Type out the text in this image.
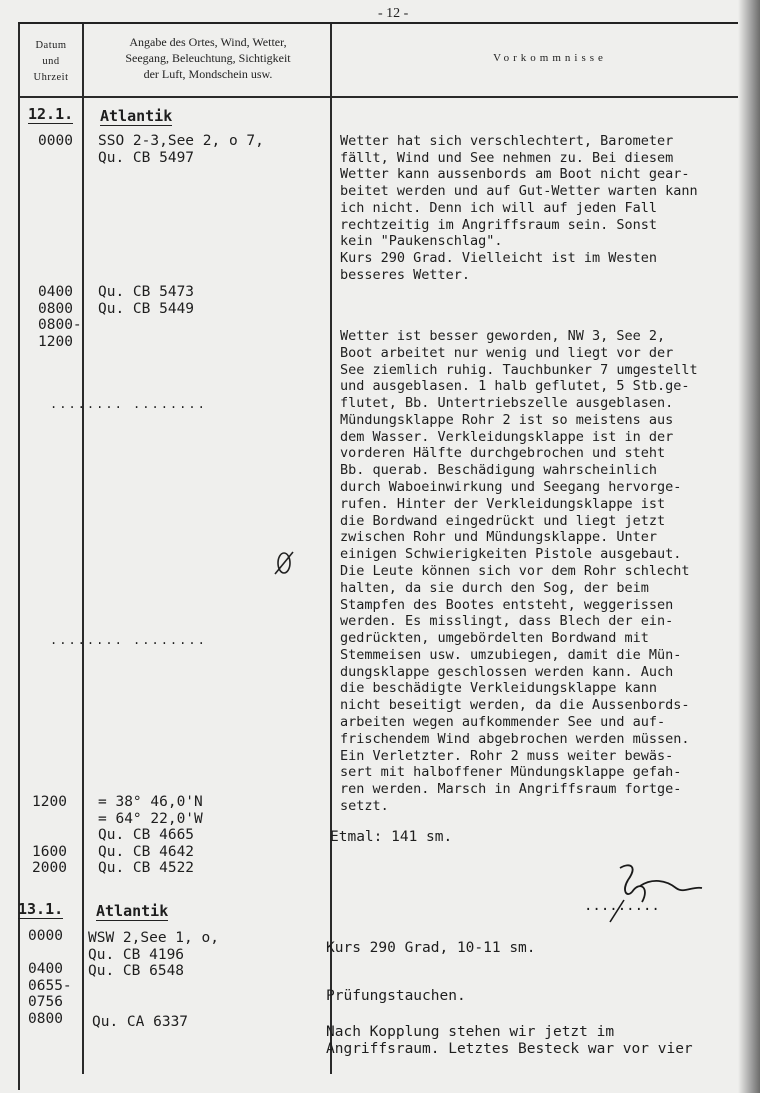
- 12 -
Datum
und
Uhrzeit
Angabe des Ortes, Wind, Wetter,
Seegang, Beleuchtung, Sichtigkeit
der Luft, Mondschein usw.
Vorkommnisse
12.1. Atlantik
0000 SSO 2-3,See 2, o 7,
Qu. CB 5497
Wetter hat sich verschlechtert, Barometer
fällt, Wind und See nehmen zu. Bei diesem
Wetter kann aussenbords am Boot nicht gear-
beitet werden und auf Gut-Wetter warten kann
ich nicht. Denn ich will auf jeden Fall
rechtzeitig im Angriffsraum sein. Sonst
kein "Paukenschlag".
Kurs 290 Grad. Vielleicht ist im Westen
besseres Wetter.
0400
0800
0800-
1200
Qu. CB 5473
Qu. CB 5449
Wetter ist besser geworden, NW 3, See 2,
Boot arbeitet nur wenig und liegt vor der
See ziemlich ruhig. Tauchbunker 7 umgestellt
und ausgeblasen. 1 halb geflutet, 5 Stb.ge-
flutet, Bb. Untertriebszelle ausgeblasen.
Mündungsklappe Rohr 2 ist so meistens aus
dem Wasser. Verkleidungsklappe ist in der
vorderen Hälfte durchgebrochen und steht
Bb. querab. Beschädigung wahrscheinlich
durch Waboeinwirkung und Seegang hervorge-
rufen. Hinter der Verkleidungsklappe ist
die Bordwand eingedrückt und liegt jetzt
zwischen Rohr und Mündungsklappe. Unter
einigen Schwierigkeiten Pistole ausgebaut.
Die Leute können sich vor dem Rohr schlecht
halten, da sie durch den Sog, der beim
Stampfen des Bootes entsteht, weggerissen
werden. Es misslingt, dass Blech der ein-
gedrückten, umgebördelten Bordwand mit
Stemmeisen usw. umzubiegen, damit die Mün-
dungsklappe geschlossen werden kann. Auch
die beschädigte Verkleidungsklappe kann
nicht beseitigt werden, da die Aussenbords-
arbeiten wegen aufkommender See und auf-
frischendem Wind abgebrochen werden müssen.
Ein Verletzter. Rohr 2 muss weiter bewäs-
sert mit halboffener Mündungsklappe gefah-
ren werden. Marsch in Angriffsraum fortge-
setzt.
........ ........
........ ........
1200

1600
2000
= 38° 46,0'N
= 64° 22,0'W
Qu. CB 4665
Qu. CB 4642
Qu. CB 4522
Etmal: 141 sm.
.........
13.1. Atlantik
0000

0400
0655-
0756
0800
WSW 2,See 1, o,
Qu. CB 4196
Qu. CB 6548
Kurs 290 Grad, 10-11 sm.
Prüfungstauchen.
Qu. CA 6337
Nach Kopplung stehen wir jetzt im
Angriffsraum. Letztes Besteck war vor vier
